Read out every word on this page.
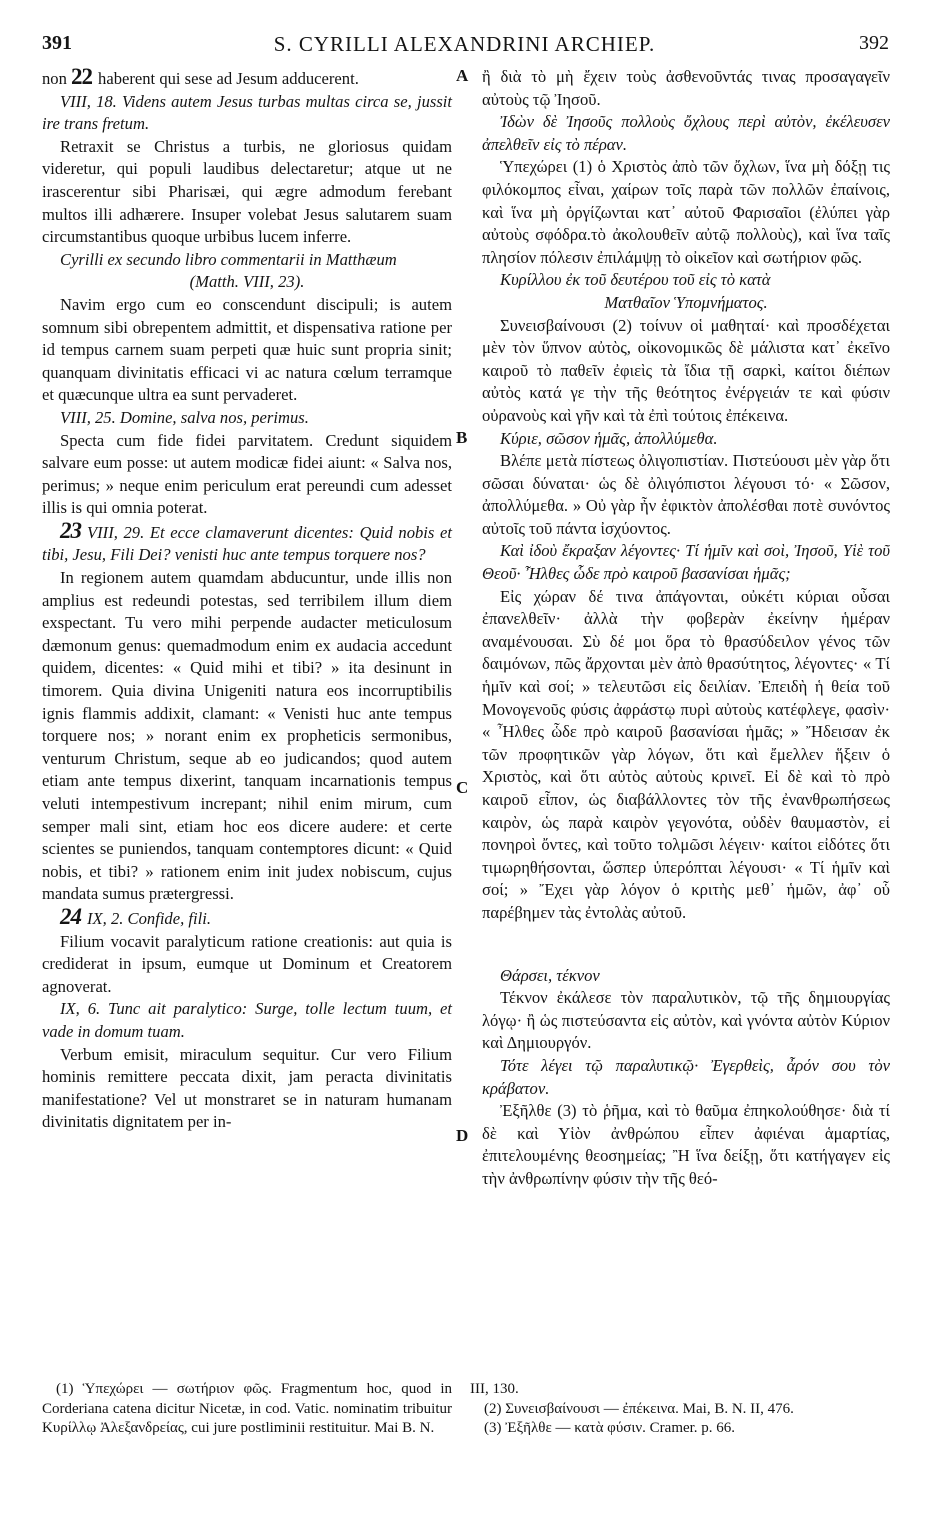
391	S. CYRILLI ALEXANDRINI ARCHIEP.	392
A
B
C
D

non 22 haberent qui sese ad Jesum adducerent.

VIII, 18. Videns autem Jesus turbas multas circa se, jussit ire trans fretum.

Retraxit se Christus a turbis, ne gloriosus quidam videretur, qui populi laudibus delectaretur; atque ut ne irascerentur sibi Pharisæi, qui ægre admodum ferebant multos illi adhærere. Insuper volebat Jesus salutarem suam circumstantibus quoque urbibus lucem inferre.

Cyrilli ex secundo libro commentarii in Matthæum

(Matth. VIII, 23).

Navim ergo cum eo conscendunt discipuli; is autem somnum sibi obrepentem admittit, et dispensativa ratione per id tempus carnem suam perpeti quæ huic sunt propria sinit; quanquam divinitatis efficaci vi ac natura cœlum terramque et quæcunque ultra ea sunt pervaderet.

VIII, 25. Domine, salva nos, perimus.

Specta cum fide fidei parvitatem. Credunt siquidem salvare eum posse: ut autem modicæ fidei aiunt: « Salva nos, perimus; » neque enim periculum erat pereundi cum adesset illis is qui omnia poterat.

23 VIII, 29. Et ecce clamaverunt dicentes: Quid nobis et tibi, Jesu, Fili Dei? venisti huc ante tempus torquere nos?

In regionem autem quamdam abducuntur, unde illis non amplius est redeundi potestas, sed terribilem illum diem exspectant. Tu vero mihi perpende audacter meticulosum dæmonum genus: quemadmodum enim ex audacia accedunt quidem, dicentes: « Quid mihi et tibi? » ita desinunt in timorem. Quia divina Unigeniti natura eos incorruptibilis ignis flammis addixit, clamant: « Venisti huc ante tempus torquere nos; » norant enim ex propheticis sermonibus, venturum Christum, seque ab eo judicandos; quod autem etiam ante tempus dixerint, tanquam incarnationis tempus veluti intempestivum increpant; nihil enim mirum, cum semper mali sint, etiam hoc eos dicere audere: et certe scientes se puniendos, tanquam contemptores dicunt: « Quid nobis, et tibi? » rationem enim init judex nobiscum, cujus mandata sumus prætergressi.

24 IX, 2. Confide, fili.

Filium vocavit paralyticum ratione creationis: aut quia is crediderat in ipsum, eumque ut Dominum et Creatorem agnoverat.

IX, 6. Tunc ait paralytico: Surge, tolle lectum tuum, et vade in domum tuam.

Verbum emisit, miraculum sequitur. Cur vero Filium hominis remittere peccata dixit, jam peracta divinitatis manifestatione? Vel ut monstraret se in naturam humanam divinitatis dignitatem per in-

ἢ διὰ τὸ μὴ ἔχειν τοὺς ἀσθενοῦντάς τινας προσαγαγεῖν αὐτοὺς τῷ Ἰησοῦ.

Ἰδὼν δὲ Ἰησοῦς πολλοὺς ὄχλους περὶ αὐτὸν, ἐκέλευσεν ἀπελθεῖν εἰς τὸ πέραν.

Ὑπεχώρει (1) ὁ Χριστὸς ἀπὸ τῶν ὄχλων, ἵνα μὴ δόξῃ τις φιλόκομπος εἶναι, χαίρων τοῖς παρὰ τῶν πολλῶν ἐπαίνοις, καὶ ἵνα μὴ ὀργίζωνται κατ᾽ αὐτοῦ Φαρισαῖοι (ἐλύπει γὰρ αὐτοὺς σφόδρα.τὸ ἀκολουθεῖν αὐτῷ πολλοὺς), καὶ ἵνα ταῖς πλησίον πόλεσιν ἐπιλάμψῃ τὸ οἰκεῖον καὶ σωτήριον φῶς.

Κυρίλλου ἐκ τοῦ δευτέρου τοῦ εἰς τὸ κατὰ

Ματθαῖον Ὑπομνήματος.

Συνεισβαίνουσι (2) τοίνυν οἱ μαθηταί· καὶ προσδέχεται μὲν τὸν ὕπνον αὐτὸς, οἰκονομικῶς δὲ μάλιστα κατ᾽ ἐκεῖνο καιροῦ τὸ παθεῖν ἐφιεὶς τὰ ἴδια τῇ σαρκὶ, καίτοι διέπων αὐτὸς κατά γε τὴν τῆς θεότητος ἐνέργειάν τε καὶ φύσιν οὐρανοὺς καὶ γῆν καὶ τὰ ἐπὶ τούτοις ἐπέκεινα.

Κύριε, σῶσον ἡμᾶς, ἀπολλύμεθα.

Βλέπε μετὰ πίστεως ὀλιγοπιστίαν. Πιστεύουσι μὲν γὰρ ὅτι σῶσαι δύναται· ὡς δὲ ὀλιγόπιστοι λέγουσι τό· « Σῶσον, ἀπολλύμεθα. » Οὐ γὰρ ἦν ἐφικτὸν ἀπολέσθαι ποτὲ συνόντος αὐτοῖς τοῦ πάντα ἰσχύοντος.

Καὶ ἰδοὺ ἔκραξαν λέγοντες· Τί ἡμῖν καὶ σοὶ, Ἰησοῦ, Υἱὲ τοῦ Θεοῦ· Ἦλθες ὧδε πρὸ καιροῦ βασανίσαι ἡμᾶς;

Εἰς χώραν δέ τινα ἀπάγονται, οὐκέτι κύριαι οὖσαι ἐπανελθεῖν· ἀλλὰ τὴν φοβερὰν ἐκείνην ἡμέραν αναμένουσαι. Σὺ δέ μοι ὅρα τὸ θρασύδειλον γένος τῶν δαιμόνων, πῶς ἄρχονται μὲν ἀπὸ θρασύτητος, λέγοντες· « Τί ἡμῖν καὶ σοί; » τελευτῶσι εἰς δειλίαν. Ἐπειδὴ ἡ θεία τοῦ Μονογενοῦς φύσις ἀφράστῳ πυρὶ αὐτοὺς κατέφλεγε, φασὶν· « Ἦλθες ὧδε πρὸ καιροῦ βασανίσαι ἡμᾶς; » Ἤδεισαν ἐκ τῶν προφητικῶν γὰρ λόγων, ὅτι καὶ ἔμελλεν ἥξειν ὁ Χριστὸς, καὶ ὅτι αὐτὸς αὐτοὺς κρινεῖ. Εἰ δὲ καὶ τὸ πρὸ καιροῦ εἶπον, ὡς διαβάλλοντες τὸν τῆς ἐνανθρωπήσεως καιρὸν, ὡς παρὰ καιρὸν γεγονότα, οὐδὲν θαυμαστὸν, εἰ πονηροὶ ὄντες, καὶ τοῦτο τολμῶσι λέγειν· καίτοι εἰδότες ὅτι τιμωρηθήσονται, ὥσπερ ὑπερόπται λέγουσι· « Τί ἡμῖν καὶ σοί; » Ἔχει γὰρ λόγον ὁ κριτὴς μεθ᾽ ἡμῶν, ἀφ᾽ οὗ παρέβημεν τὰς ἐντολὰς αὐτοῦ.

Θάρσει, τέκνον

Τέκνον ἐκάλεσε τὸν παραλυτικὸν, τῷ τῆς δημιουργίας λόγῳ· ἢ ὡς πιστεύσαντα εἰς αὐτὸν, καὶ γνόντα αὐτὸν Κύριον καὶ Δημιουργόν.

Τότε λέγει τῷ παραλυτικῷ· Ἐγερθεὶς, ἆρόν σου τὸν κράβατον.

Ἐξῆλθε (3) τὸ ῥῆμα, καὶ τὸ θαῦμα ἐπηκολούθησε· διὰ τί δὲ καὶ Υἱὸν ἀνθρώπου εἶπεν ἀφιέναι ἁμαρτίας, ἐπιτελουμένης θεοσημείας; Ἢ ἵνα δείξῃ, ὅτι κατήγαγεν εἰς τὴν ἀνθρωπίνην φύσιν τὴν τῆς θεό-

(1) Ὑπεχώρει — σωτήριον φῶς. Fragmentum hoc, quod in Corderiana catena dicitur Nicetæ, in cod. Vatic. nominatim tribuitur Κυρίλλῳ Ἀλεξανδρείας, cui jure postliminii restituitur. Mai B. N.

III, 130.

(2) Συνεισβαίνουσι — ἐπέκεινα. Mai, B. N. II, 476.

(3) Ἐξῆλθε — κατὰ φύσιν. Cramer. p. 66.
